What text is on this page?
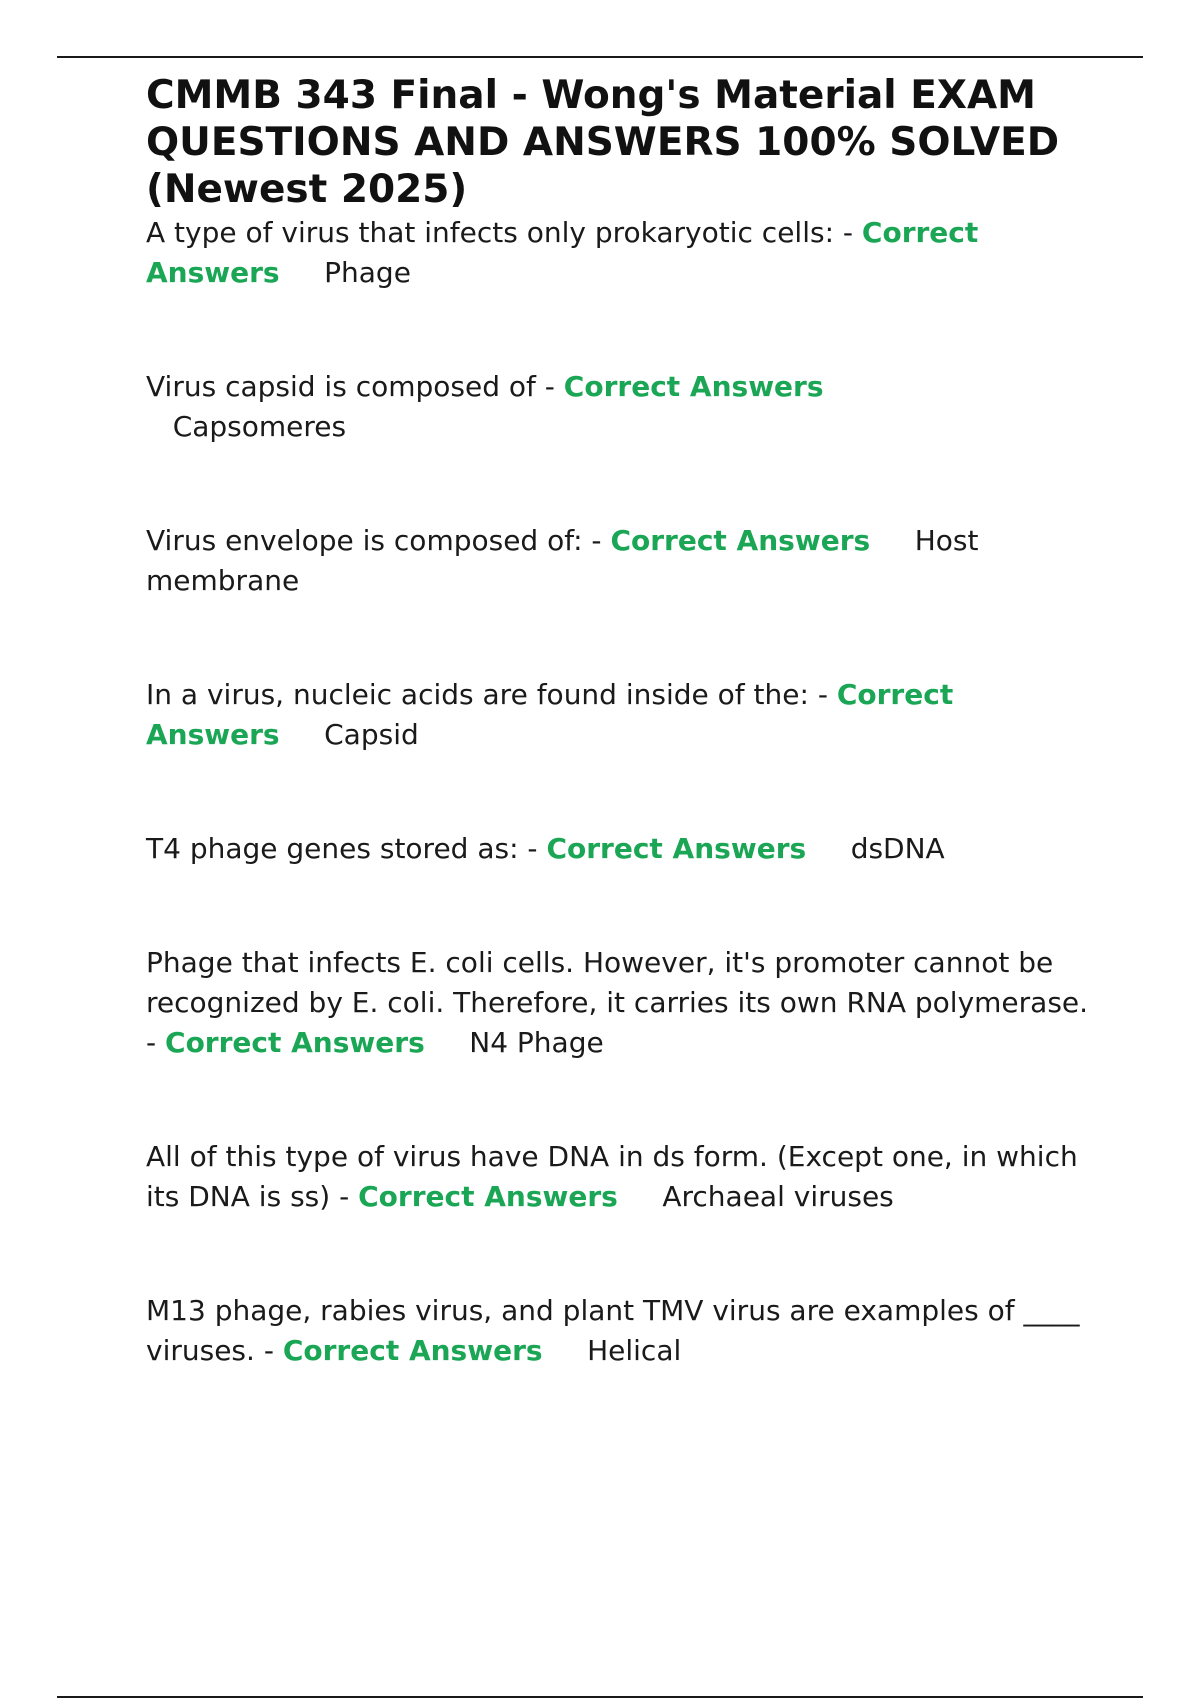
CMMB 343 Final - Wong's Material EXAM QUESTIONS AND ANSWERS 100% SOLVED (Newest 2025)

A type of virus that infects only prokaryotic cells: - Correct Answers Phage

Virus capsid is composed of - Correct Answers
Capsomeres

Virus envelope is composed of: - Correct Answers Host membrane

In a virus, nucleic acids are found inside of the: - Correct Answers Capsid

T4 phage genes stored as: - Correct Answers dsDNA

Phage that infects E. coli cells. However, it's promoter cannot be recognized by E. coli. Therefore, it carries its own RNA polymerase. - Correct Answers N4 Phage

All of this type of virus have DNA in ds form. (Except one, in which its DNA is ss) - Correct Answers Archaeal viruses

M13 phage, rabies virus, and plant TMV virus are examples of ____ viruses. - Correct Answers Helical
